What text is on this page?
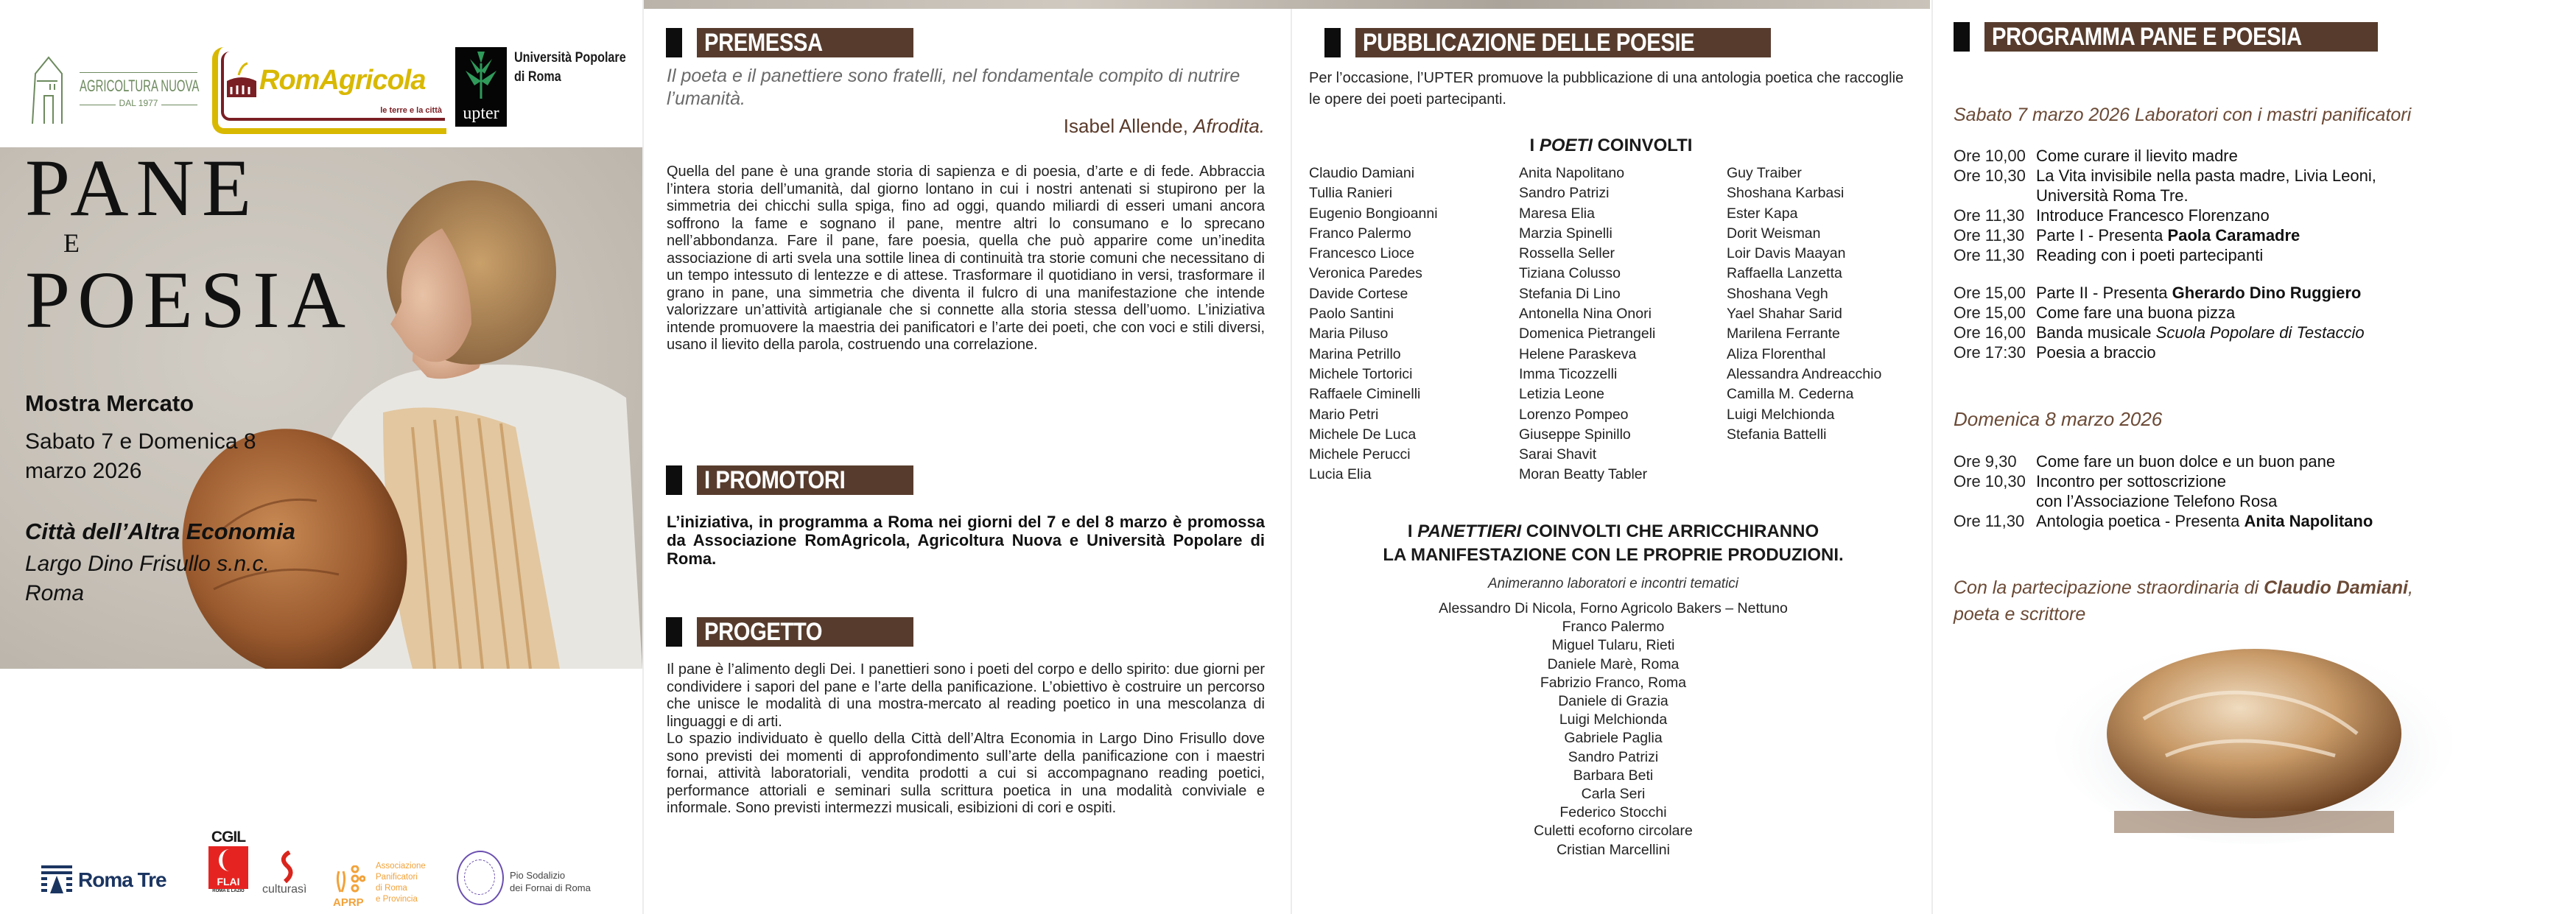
AGRICOLTURA NUOVA
DAL 1977
RomAgricola
le terre e la città	upter
Università Popolare
di Roma
PANE
E
POESIA
Mostra Mercato
Sabato 7 e Domenica 8
marzo 2026
Città dell’Altra Economia
Largo Dino Frisullo s.n.c.
Roma
Roma Tre
CGIL
FLAI
ROMA E LAZIO	culturasì
APRP
Associazione
Panificatori
di Roma
e Provincia
Pio Sodalizio
dei Fornai di Roma
PREMESSA
Il poeta e il panettiere sono fratelli, nel fondamentale compito di nutrire l’umanità.
Isabel Allende, Afrodita.
Quella del pane è una grande storia di sapienza e di poesia, d’arte e di fede. Abbraccia l’intera storia dell’umanità, dal giorno lontano in cui i nostri antenati si stupirono per la simmetria dei chicchi sulla spiga, fino ad oggi, quando miliardi di esseri umani ancora soffrono la fame e sognano il pane, mentre altri lo consumano e lo sprecano nell’abbondanza. Fare il pane, fare poesia, quella che può apparire come un’inedita associazione di arti svela una sottile linea di continuità tra storie comuni che necessitano di un tempo intessuto di lentezze e di attese. Trasformare il quotidiano in versi, trasformare il grano in pane, una simmetria che diventa il fulcro di una manifestazione che intende valorizzare un’attività artigianale che si connette alla storia stessa dell’uomo. L’iniziativa intende promuovere la maestria dei panificatori e l’arte dei poeti, che con voci e stili diversi, usano il lievito della parola, costruendo una correlazione.
I PROMOTORI
L’iniziativa, in programma a Roma nei giorni del 7 e del 8 marzo è promossa da Associazione RomAgricola, Agricoltura Nuova e Università Popolare di Roma.
PROGETTO
Il pane è l’alimento degli Dei. I panettieri sono i poeti del corpo e dello spirito: due giorni per condividere i sapori del pane e l’arte della panificazione. L’obiettivo è costruire un percorso che unisce le modalità di una mostra-mercato al reading poetico in una mescolanza di linguaggi e di arti.
Lo spazio individuato è quello della Città dell’Altra Economia in Largo Dino Frisullo dove sono previsti dei momenti di approfondimento sull’arte della panificazione con i maestri fornai, attività laboratoriali, vendita prodotti a cui si accompagnano reading poetici, performance attoriali e seminari sulla scrittura poetica in una modalità conviviale e informale. Sono previsti intermezzi musicali, esibizioni di cori e ospiti.
PUBBLICAZIONE DELLE POESIE
Per l’occasione, l’UPTER promuove la pubblicazione di una antologia poetica che raccoglie le opere dei poeti partecipanti.
I POETI COINVOLTI
Claudio Damiani
Tullia Ranieri
Eugenio Bongioanni
Franco Palermo
Francesco Lioce
Veronica Paredes
Davide Cortese
Paolo Santini
Maria Piluso
Marina Petrillo
Michele Tortorici
Raffaele Ciminelli
Mario Petri
Michele De Luca
Michele Perucci
Lucia Elia
Anita Napolitano
Sandro Patrizi
Maresa Elia
Marzia Spinelli
Rossella Seller
Tiziana Colusso
Stefania Di Lino
Antonella Nina Onori
Domenica Pietrangeli
Helene Paraskeva
Imma Ticozzelli
Letizia Leone
Lorenzo Pompeo
Giuseppe Spinillo
Sarai Shavit
Moran Beatty Tabler
Guy Traiber
Shoshana Karbasi
Ester Kapa
Dorit Weisman
Loir Davis Maayan
Raffaella Lanzetta
Shoshana Vegh
Yael Shahar Sarid
Marilena Ferrante
Aliza Florenthal
Alessandra Andreacchio
Camilla M. Cederna
Luigi Melchionda
Stefania Battelli
I PANETTIERI COINVOLTI CHE ARRICCHIRANNO
LA MANIFESTAZIONE CON LE PROPRIE PRODUZIONI.
Animeranno laboratori e incontri tematici
Alessandro Di Nicola, Forno Agricolo Bakers – Nettuno
Franco Palermo
Miguel Tularu, Rieti
Daniele Marè, Roma
Fabrizio Franco, Roma
Daniele di Grazia
Luigi Melchionda
Gabriele Paglia
Sandro Patrizi
Barbara Beti
Carla Seri
Federico Stocchi
Culetti ecoforno circolare
Cristian Marcellini
PROGRAMMA PANE E POESIA
Sabato 7 marzo 2026 Laboratori con i mastri panificatori
Ore 10,00 Come curare il lievito madre
Ore 10,30 La Vita invisibile nella pasta madre, Livia Leoni,
Università Roma Tre.
Ore 11,30 Introduce Francesco Florenzano
Ore 11,30 Parte I - Presenta Paola Caramadre
Ore 11,30 Reading con i poeti partecipanti
Ore 15,00 Parte II - Presenta Gherardo Dino Ruggiero
Ore 15,00 Come fare una buona pizza
Ore 16,00 Banda musicale Scuola Popolare di Testaccio
Ore 17:30 Poesia a braccio
Domenica 8 marzo 2026
Ore 9,30	Come fare un buon dolce e un buon pane
Ore 10,30 Incontro per sottoscrizione
con l’Associazione Telefono Rosa
Ore 11,30 Antologia poetica - Presenta Anita Napolitano
Con la partecipazione straordinaria di Claudio Damiani,
poeta e scrittore
